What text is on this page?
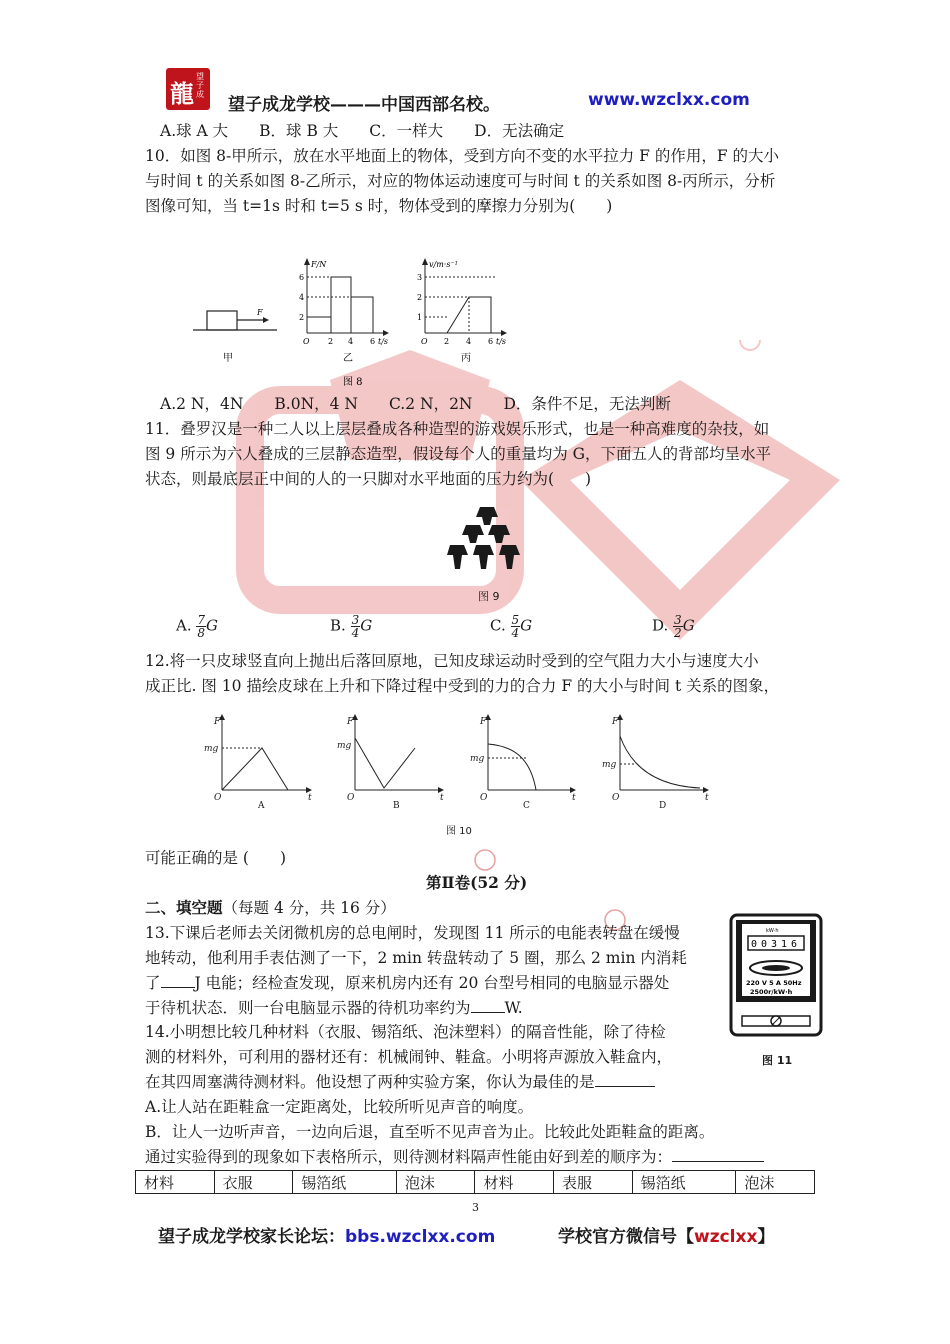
龍
望子成
望子成龙学校———中国西部名校。	www.wzclxx.com
A.球 A 大　　B．球 B 大　　C．一样大　　D．无法确定
10．如图 8-甲所示，放在水平地面上的物体，受到方向不变的水平拉力 F 的作用，F 的大小
与时间 t 的关系如图 8-乙所示，对应的物体运动速度可与时间 t 的关系如图 8-丙所示，分析
图像可知，当 t=1s 时和 t=5 s 时，物体受到的摩擦力分别为(　　)
F
F/N
6
4
2
O 2 4 6 t/s
v/m·s⁻¹
3
2
1
O 2 4 6 t/s
甲	乙	丙
图 8
A.2 N，4N　　B.0N，4 N　　C.2 N，2N　　D．条件不足，无法判断
11．叠罗汉是一种二人以上层层叠成各种造型的游戏娱乐形式，也是一种高难度的杂技，如
图 9 所示为六人叠成的三层静态造型，假设每个人的重量均为 G，下面五人的背部均呈水平
状态，则最底层正中间的人的一只脚对水平地面的压力约为(　　)
图 9
A. $\frac{7}{8}$ G	B. $\frac{3}{4}$ G	C. $\frac{5}{4}$ G	D. $\frac{3}{2}$ G
12.将一只皮球竖直向上抛出后落回原地，已知皮球运动时受到的空气阻力大小与速度大小
成正比. 图 10 描绘皮球在上升和下降过程中受到的力的合力 F 的大小与时间 t 关系的图象，
F
mg
O	t
A
F
mg
O	t
B
F
mg
O	t
C
F
mg
O	t
D
图 10
可能正确的是 (　　)
第Ⅱ卷(52 分)
二、填空题（每题 4 分，共 16 分）
13.下课后老师去关闭微机房的总电闸时，发现图 11 所示的电能表转盘在缓慢
地转动，他利用手表估测了一下，2 min 转盘转动了 5 圈，那么 2 min 内消耗
了 J 电能；经检查发现，原来机房内还有 20 台型号相同的电脑显示器处
于待机状态．则一台电脑显示器的待机功率约为 W.
kW·h
0 0 3 1 6
220 V 5 A 50Hz
2500r/kW·h
图 11
14.小明想比较几种材料（衣服、锡箔纸、泡沫塑料）的隔音性能，除了待检
测的材料外，可利用的器材还有：机械闹钟、鞋盒。小明将声源放入鞋盒内，
在其四周塞满待测材料。他设想了两种实验方案，你认为最佳的是
A.让人站在距鞋盒一定距离处，比较所听见声音的响度。
B．让人一边听声音，一边向后退，直至听不见声音为止。比较此处距鞋盒的距离。
通过实验得到的现象如下表格所示，则待测材料隔声性能由好到差的顺序为：
材料	衣服	锡箔纸	泡沫	材料	表服	锡箔纸	泡沫
3
望子成龙学校家长论坛：bbs.wzclxx.com	学校官方微信号【wzclxx】
